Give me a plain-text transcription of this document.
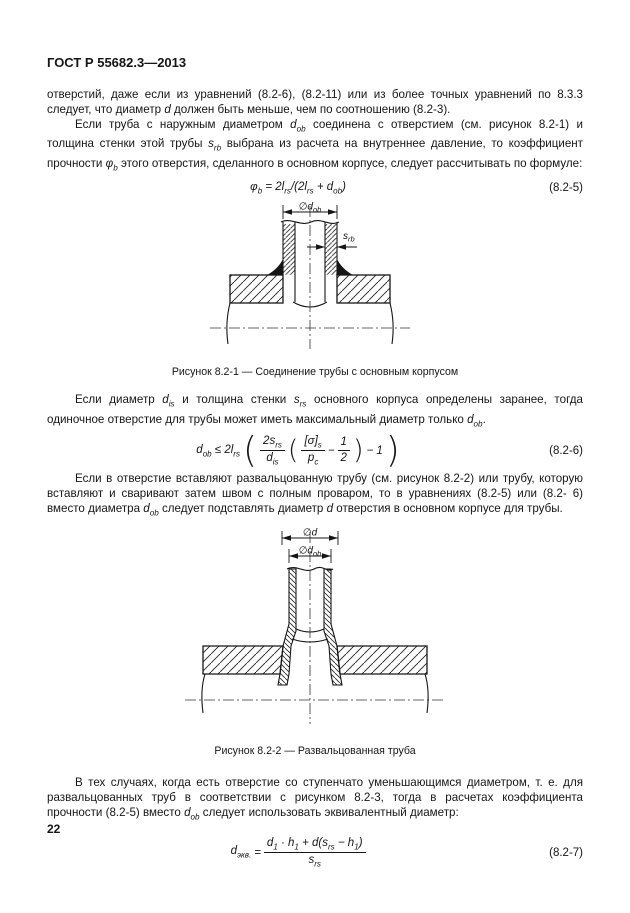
ГОСТ Р 55682.3—2013

отверстий, даже если из уравнений (8.2-6), (8.2-11) или из более точных уравнений по 8.3.3 следует, что диаметр d должен быть меньше, чем по соотношению (8.2-3).

Если труба с наружным диаметром $d_{ob}$ соединена с отверстием (см. рисунок 8.2-1) и толщина стенки этой трубы $s_{rb}$ выбрана из расчета на внутреннее давление, то коэффициент прочности $\varphi_b$ этого отверстия, сделанного в основном корпусе, следует рассчитывать по формуле:

$\varphi_b = 2l_{rs}/(2l_{rs} + d_{ob})$	(8.2-5)
$\emptyset d_{ob}$
$s_{rb}$
Рисунок 8.2-1 — Соединение трубы с основным корпусом

Если диаметр $d_{is}$ и толщина стенки $s_{rs}$ основного корпуса определены заранее, тогда одиночное отверстие для трубы может иметь максимальный диаметр только $d_{ob}$.

$d_{ob} \le 2l_{rs}$ ( $\frac{2s_{rs}}{d_{is}}$ ( $\frac{[\sigma]_s}{p_c} - \frac{1}{2}$ ) − 1 )	(8.2-6)

Если в отверстие вставляют развальцованную трубу (см. рисунок 8.2-2) или трубу, которую вставляют и сваривают затем швом с полным проваром, то в уравнениях (8.2-5) или (8.2- 6) вместо диаметра $d_{ob}$ следует подставлять диаметр d отверстия в основном корпусе для трубы.

∅d
$\emptyset d_{ob}$
Рисунок 8.2-2 — Развальцованная труба

В тех случаях, когда есть отверстие со ступенчато уменьшающимся диаметром, т. е. для развальцованных труб в соответствии с рисунком 8.2-3, тогда в расчетах коэффициента прочности (8.2-5) вместо $d_{ob}$ следует использовать эквивалентный диаметр:

$d_{экв.} = \frac{d_1 \cdot h_1 + d(s_{rs} - h_1)}{s_{rs}}$	(8.2-7)
22
